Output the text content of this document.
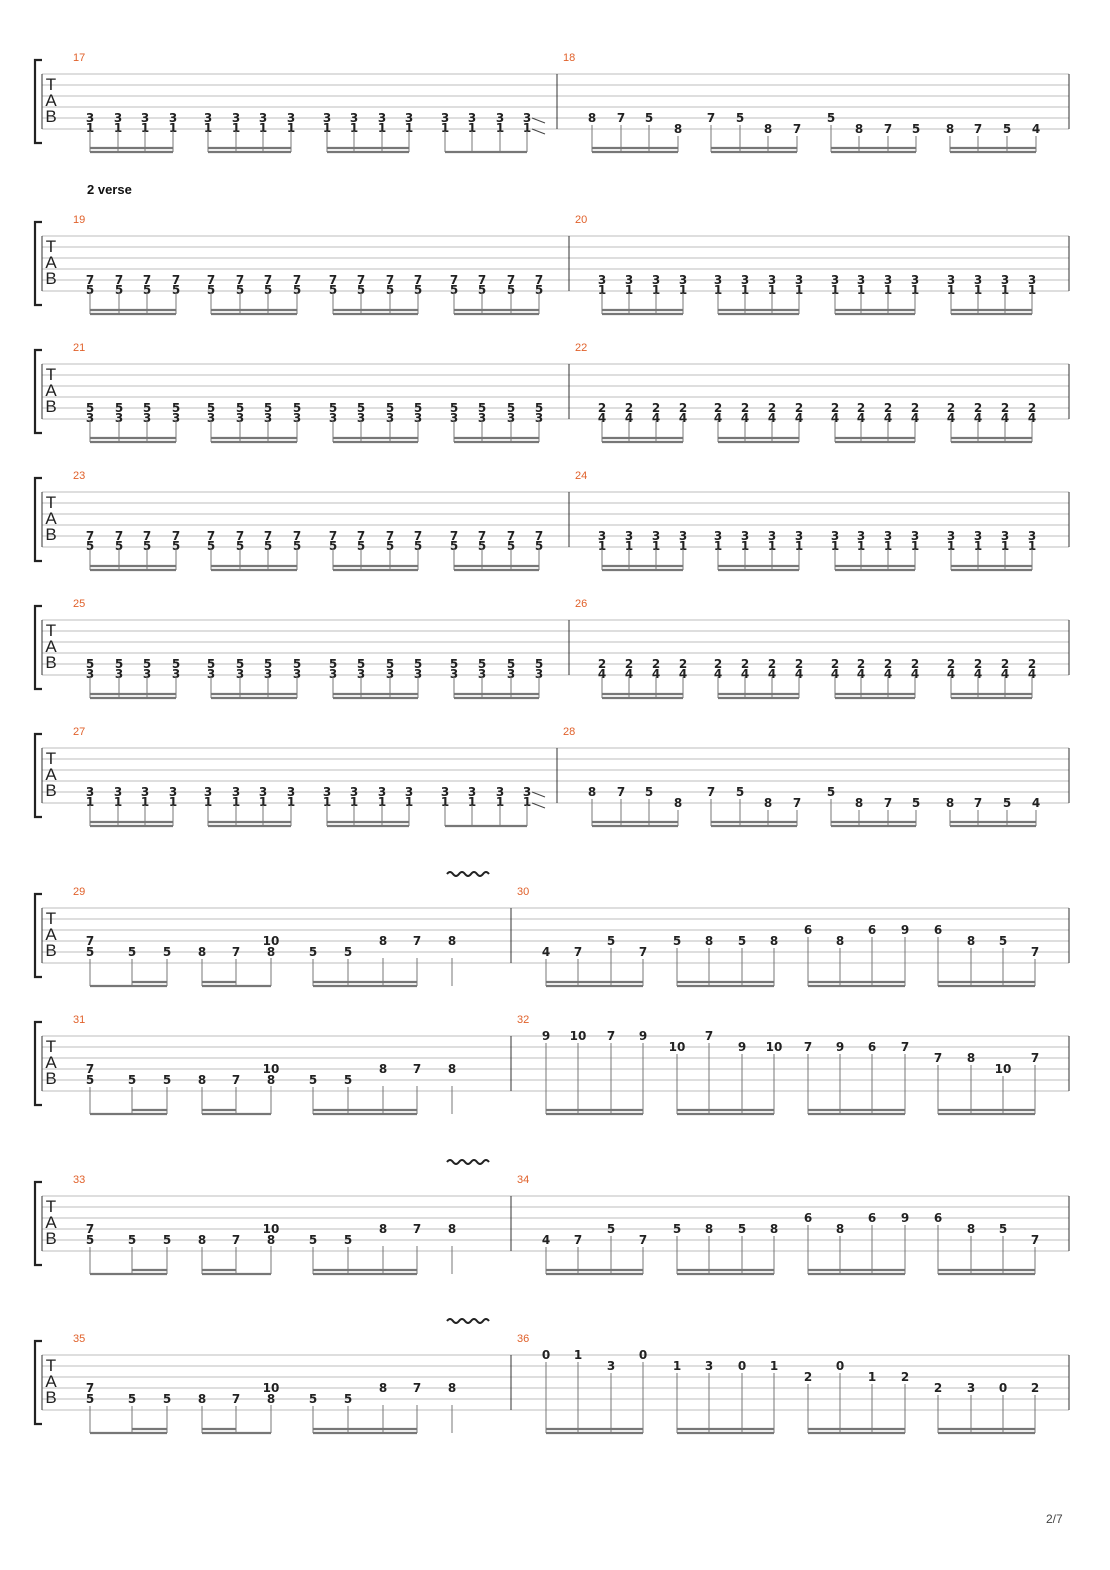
T
A
B
17
3
1
3
1
3
1
3
1
3
1
3
1
3
1
3
1
3
1
3
1
3
1
3
1
3
1
3
1
3
1
3
1
18
8 7 5
8
7 5
8 7
5
8 7 5 8 7 5 4
T
A
B
19
7
5
7
5
7
5
7
5
7
5
7
5
7
5
7
5
7
5
7
5
7
5
7
5
7
5
7
5
7
5
7
5
20
3
1
3
1
3
1
3
1
3
1
3
1
3
1
3
1
3
1
3
1
3
1
3
1
3
1
3
1
3
1
3
1
T
A
B
21
5
3
5
3
5
3
5
3
5
3
5
3
5
3
5
3
5
3
5
3
5
3
5
3
5
3
5
3
5
3
5
3
22
2
4
2
4
2
4
2
4
2
4
2
4
2
4
2
4
2
4
2
4
2
4
2
4
2
4
2
4
2
4
2
4
T
A
B
23
7
5
7
5
7
5
7
5
7
5
7
5
7
5
7
5
7
5
7
5
7
5
7
5
7
5
7
5
7
5
7
5
24
3
1
3
1
3
1
3
1
3
1
3
1
3
1
3
1
3
1
3
1
3
1
3
1
3
1
3
1
3
1
3
1
T
A
B
25
5
3
5
3
5
3
5
3
5
3
5
3
5
3
5
3
5
3
5
3
5
3
5
3
5
3
5
3
5
3
5
3
26
2
4
2
4
2
4
2
4
2
4
2
4
2
4
2
4
2
4
2
4
2
4
2
4
2
4
2
4
2
4
2
4
T
A
B
27
3
1
3
1
3
1
3
1
3
1
3
1
3
1
3
1
3
1
3
1
3
1
3
1
3
1
3
1
3
1
3
1
28
8 7 5
8
7 5
8 7
5
8 7 5 8 7 5 4
T
A
B
29
7
5	5 5 8 7
10
8	5 5
8 7 8
30
4 7
5
7
5 8 5 8
6
8
6 9 6
8 5
7
T
A
B
31
7
5	5 5 8 7
10
8	5 5
8 7 8
32
9 10 7 9
10
7
9 10 7 9 6 7
7 8
10
7
T
A
B
33
7
5	5 5 8 7
10
8	5 5
8 7 8
34
4 7
5
7
5 8 5 8
6
8
6 9 6
8 5
7
T
A
B
35
7
5	5 5 8 7
10
8	5 5
8 7 8
36
0 1
3
0
1 3 0 1
2
0
1 2
2 3 0 2
2 verse
2/7
